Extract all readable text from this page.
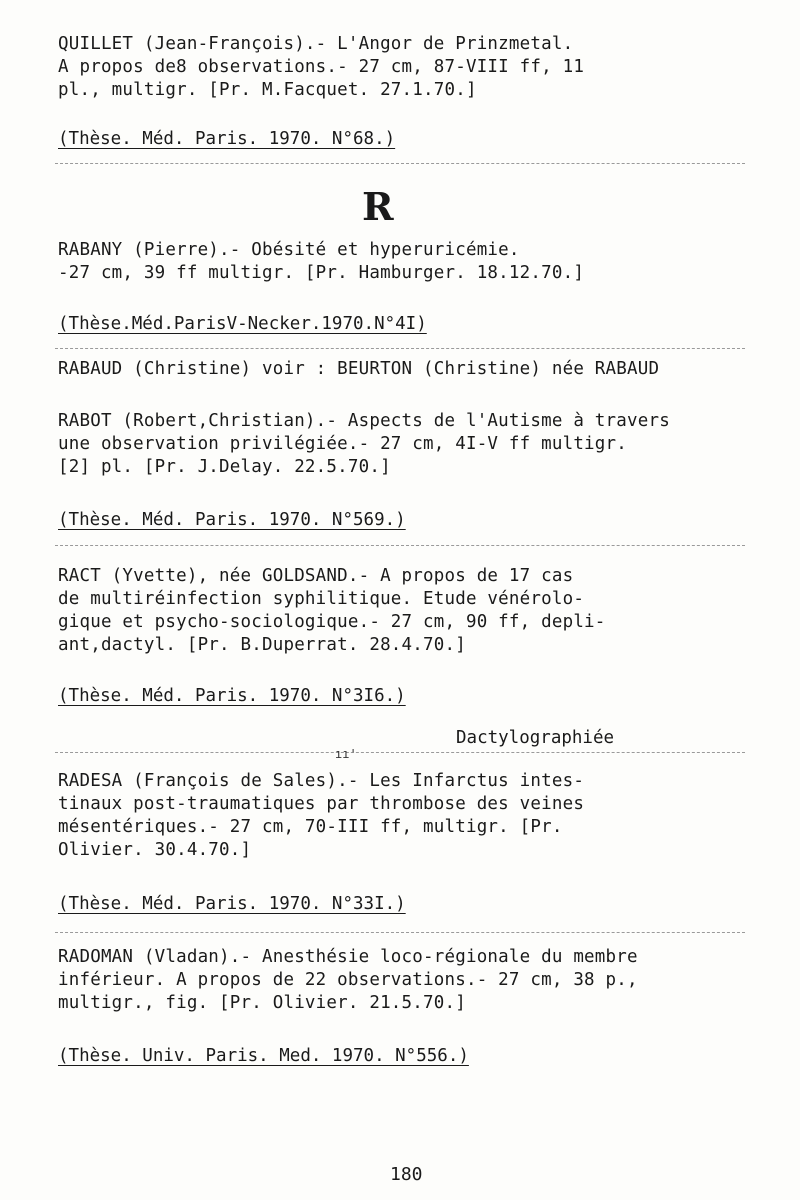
QUILLET (Jean-François).- L'Angor de Prinzmetal.
A propos de8 observations.- 27 cm, 87-VIII ff, 11
pl., multigr. [Pr. M.Facquet. 27.1.70.]
(Thèse. Méd. Paris. 1970. N°68.)
R
RABANY (Pierre).- Obésité et hyperuricémie.
-27 cm, 39 ff multigr. [Pr. Hamburger. 18.12.70.]
(Thèse.Méd.ParisV-Necker.1970.N°4I)
RABAUD (Christine) voir : BEURTON (Christine) née RABAUD
RABOT (Robert,Christian).- Aspects de l'Autisme à travers
une observation privilégiée.- 27 cm, 4I-V ff multigr.
[2] pl. [Pr. J.Delay. 22.5.70.]
(Thèse. Méd. Paris. 1970. N°569.)
RACT (Yvette), née GOLDSAND.- A propos de 17 cas
de multiréinfection syphilitique. Etude vénérolo-
gique et psycho-sociologique.- 27 cm, 90 ff, depli-
ant,dactyl. [Pr. B.Duperrat. 28.4.70.]
(Thèse. Méd. Paris. 1970. N°3I6.)
Dactylographiée
ıı'
RADESA (François de Sales).- Les Infarctus intes-
tinaux post-traumatiques par thrombose des veines
mésentériques.- 27 cm, 70-III ff, multigr. [Pr.
Olivier. 30.4.70.]
(Thèse. Méd. Paris. 1970. N°33I.)
RADOMAN (Vladan).- Anesthésie loco-régionale du membre
inférieur. A propos de 22 observations.- 27 cm, 38 p.,
multigr., fig. [Pr. Olivier. 21.5.70.]
(Thèse. Univ. Paris. Med. 1970. N°556.)
180
